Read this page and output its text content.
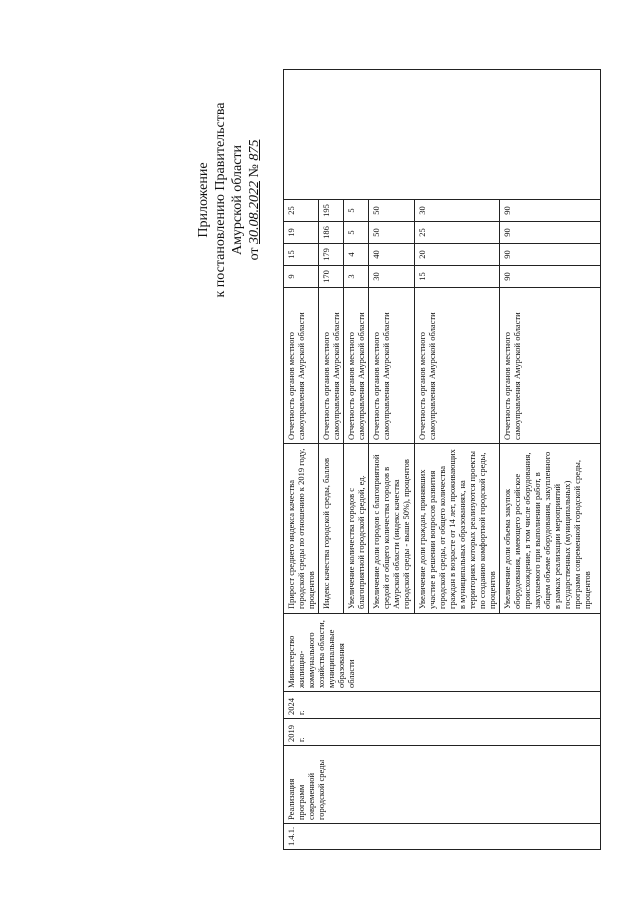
Приложение к постановлению Правительства Амурской области от 30.08.2022 № 875
1.4.1.	Реализация программ современной городской среды	2019 г.	2024 г.	Министерство жилищно-коммунального хозяйства области, муниципальные образования области	Прирост среднего индекса качества городской среды по отношению к 2019 году, процентов	Отчетность органов местного самоуправления Амурской области	9	15	19	25	
					Индекс качества городской среды, баллов	Отчетность органов местного самоуправления Амурской области	170	179	186	195	
					Увеличение количества городов с благоприятной городской средой, ед.	Отчетность органов местного самоуправления Амурской области	3	4	5	5	
					Увеличение доли городов с благоприятной средой от общего количества городов в Амурской области (индекс качества городской среды - выше 50%), процентов	Отчетность органов местного самоуправления Амурской области	30	40	50	50	
					Увеличение доли граждан, принявших участие в решении вопросов развития городской среды, от общего количества граждан в возрасте от 14 лет, проживающих в муниципальных образованиях, на территориях которых реализуются проекты по созданию комфортной городской среды, процентов	Отчетность органов местного самоуправления Амурской области	15	20	25	30	
					Увеличение доли объема закупок оборудования, имеющего российское происхождение, в том числе оборудования, закупаемого при выполнении работ, в общем объеме оборудования, закупленного в рамках реализации мероприятий государственных (муниципальных) программ современной городской среды, процентов	Отчетность органов местного самоуправления Амурской области	90	90	90	90	
